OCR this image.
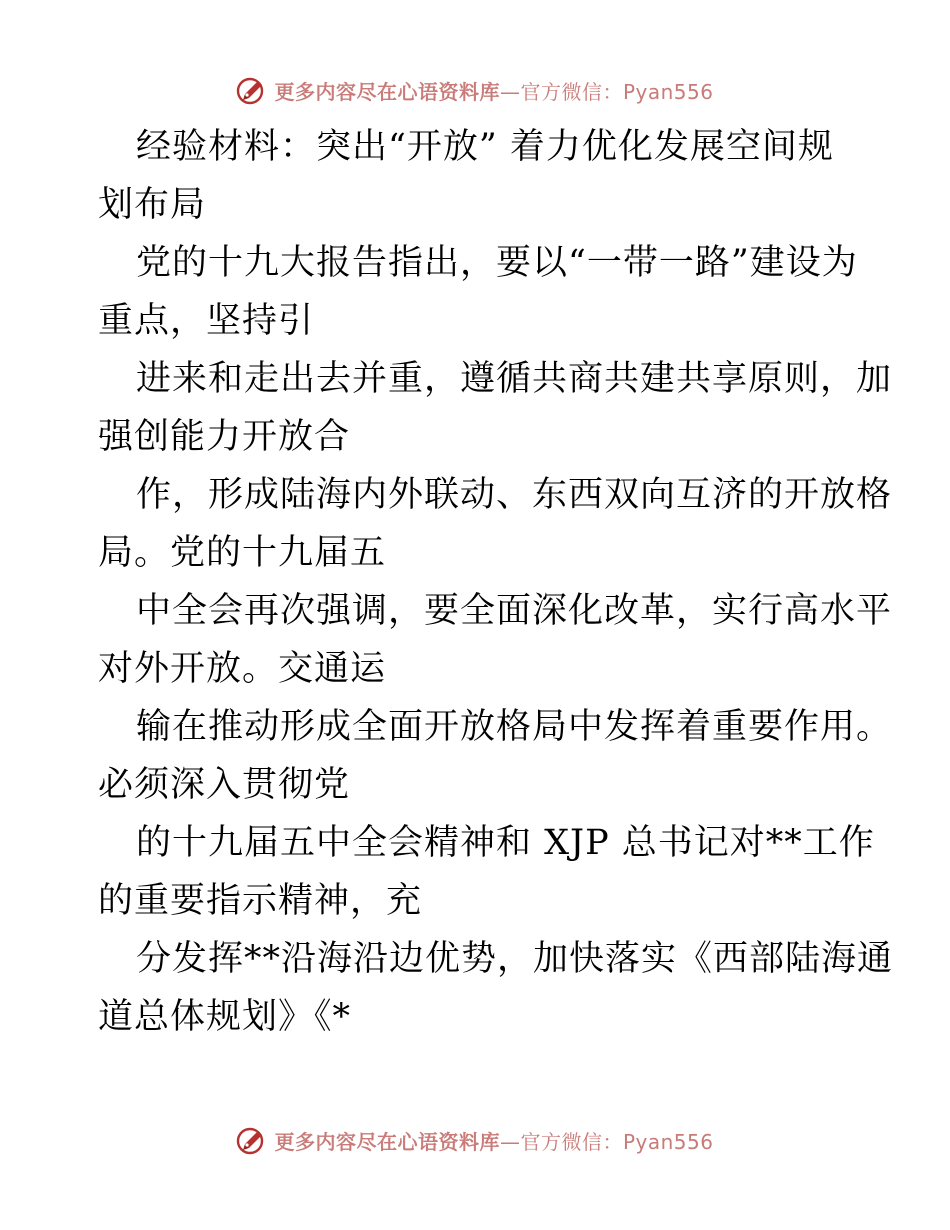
更多内容尽在心语资料库—官方微信：Pyan556
经验材料：突出“开放” 着力优化发展空间规
划布局
党的十九大报告指出，要以“一带一路”建设为
重点，坚持引
进来和走出去并重，遵循共商共建共享原则，加
强创能力开放合
作，形成陆海内外联动、东西双向互济的开放格
局。党的十九届五
中全会再次强调，要全面深化改革，实行高水平
对外开放。交通运
输在推动形成全面开放格局中发挥着重要作用。
必须深入贯彻党
的十九届五中全会精神和 XJP 总书记对**工作
的重要指示精神，充
分发挥**沿海沿边优势，加快落实《西部陆海通
道总体规划》《*
更多内容尽在心语资料库—官方微信：Pyan556
